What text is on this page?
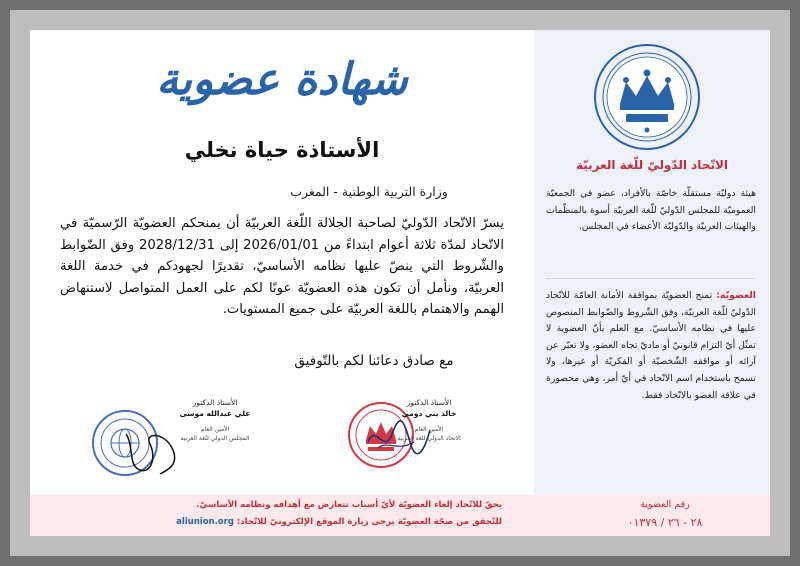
الاتّحاد الدّوليّ للّغة العربيّة
هيئة دوليّة مستقلّة خاصّة بالأفراد، عضو في الجمعيّة العموميّة للمجلس الدّوليّ للّغة العربيّة أسوة بالمنظّمات والهيئات العربيّة والدّوليّة الأعضاء في المجلس.
العضويّة: تمنح العضويّة بموافقة الأمانة العامّة للاتّحاد الدّوليّ للّغة العربيّة، وفق الشّروط والضّوابط المنصوص عليها في نظامه الأساسيّ. مع العلم بأنّ العضوية لا تمثّل أيّ التزام قانونيّ أو ماديّ تجاه العضو، ولا تعبّر عن آرائه أو مواقفه الشّخصيّة أو الفكريّة أو غيرها، ولا تسمح باستخدام اسم الاتّحاد في أيّ أمر، وهي محصورة في علاقة العضو بالاتّحاد فقط.
شهادة عضوية
الأستاذة حياة نخلي
وزارة التربية الوطنية - المغرب
يسرّ الاتّحاد الدّوليّ لصاحبة الجلالة اللّغة العربيّة أن يمنحكم العضويّة الرّسميّة في الاتّحاد لمدّة ثلاثة أعوام ابتداءً من 2026/01/01 إلى 2028/12/31 وفق الضّوابط والشّروط التي ينصّ عليها نظامه الأساسيّ، تقديرًا لجهودكم في خدمة اللغة العربيّة، ونأمل أن تكون هذه العضويّة عونًا لكم على العمل المتواصل لاستنهاض الهمم والاهتمام باللغة العربيّة على جميع المستويات.
مع صادق دعائنا لكم بالتّوفيق
الأستاذ الدكتور
خالد بني دومي
الأمين العام
الاتحاد الدولي للغة العربية
الأستاذ الدكتور
علي عبدالله موسى
الأمين العام
المجلس الدولي للغة العربية
يحقّ للاتّحاد إلغاء العضويّة لأيّ أسباب تتعارض مع أهدافه ونظامه الأساسيّ.
للتّحقق من صحّة العضويّة يرجى زيارة الموقع الإلكترونيّ للاتّحاد: aliunion.org
رقم العضوية
٢٨ - ٢٦ / ٠١٣٧٩
